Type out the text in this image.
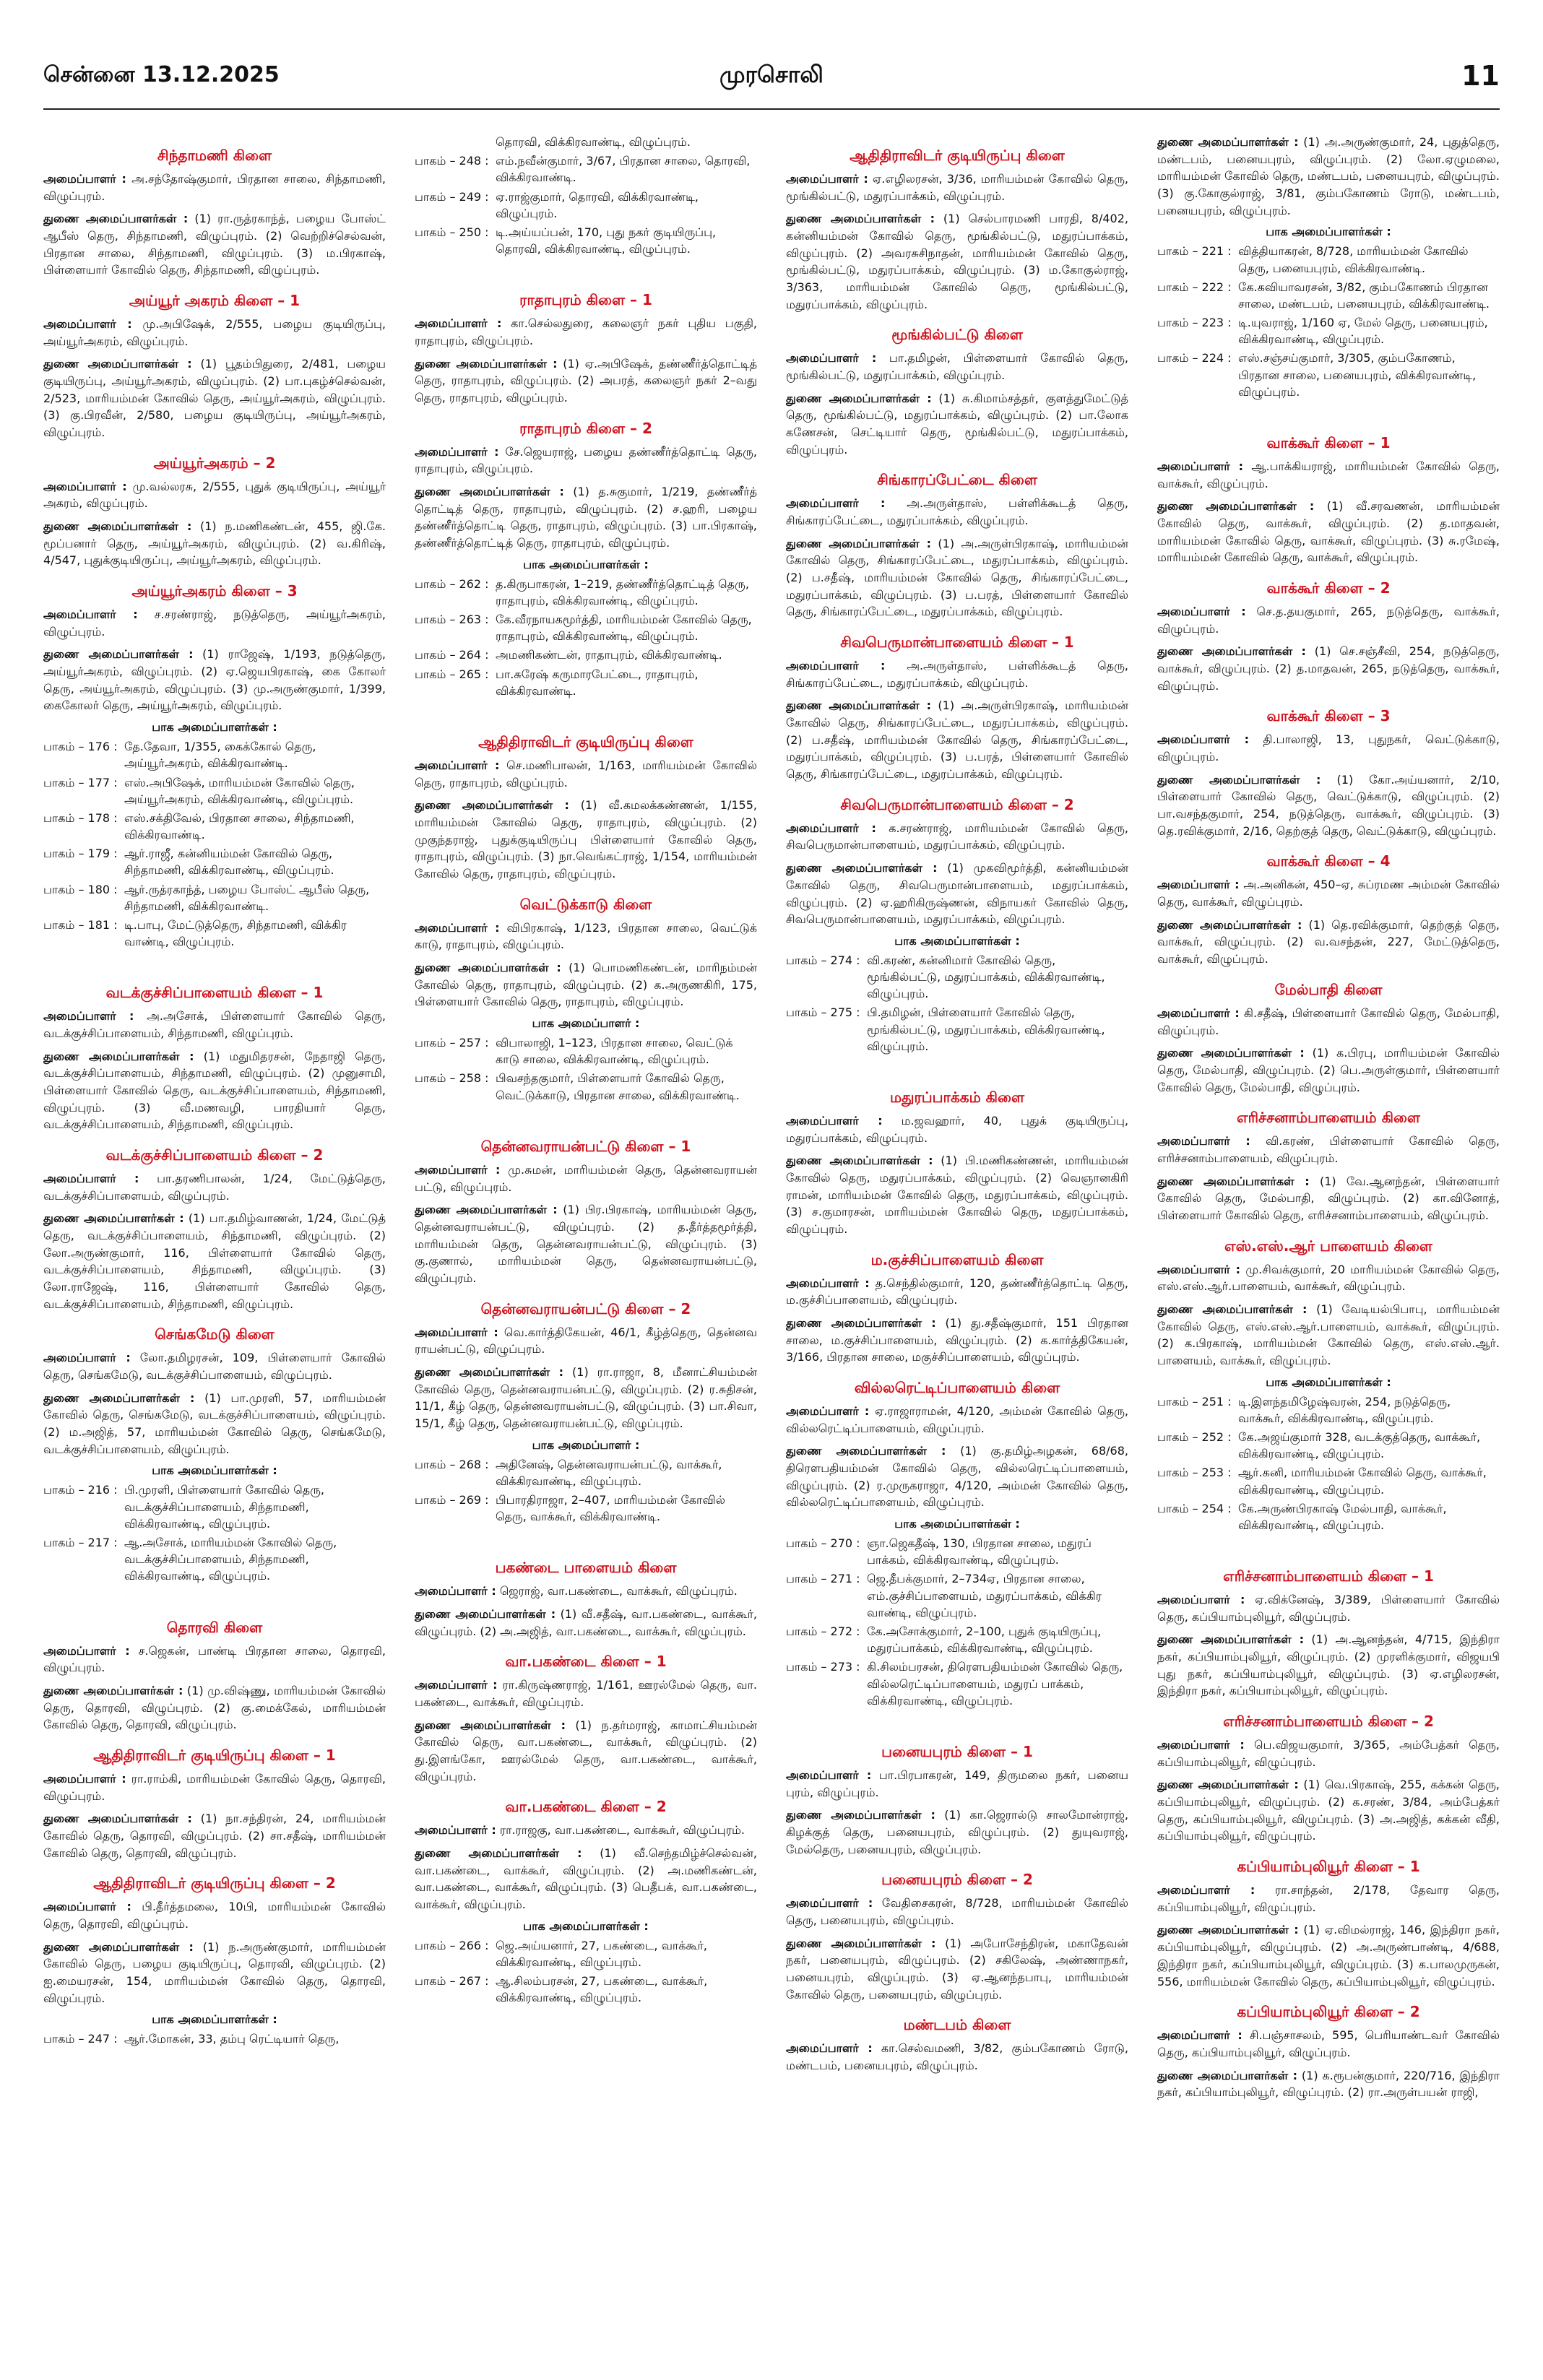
சென்னை 13.12.2025	முரசொலி	11
சிந்தாமணி கிளை
அமைப்பாளர் : அ.சந்தோஷ்குமார், பிரதான சாலை, சிந்தாமணி, விழுப்புரம்.
துணை அமைப்பாளர்கள் : (1) ரா.ருத்ரகாந்த், பழைய போஸ்ட் ஆபீஸ் தெரு, சிந்தாமணி, விழுப்புரம். (2) வெற்றிச்செல்வன், பிரதான சாலை, சிந்தாமணி, விழுப்புரம். (3) ம.பிரகாஷ், பிள்ளையார் கோவில் தெரு, சிந்தாமணி, விழுப்புரம்.
அய்யூர் அகரம் கிளை – 1
அமைப்பாளர் : மு.அபிஷேக், 2/555, பழைய குடியிருப்பு, அய்யூர்அகரம், விழுப்புரம்.
துணை அமைப்பாளர்கள் : (1) பூதம்பிதுரை, 2/481, பழைய குடியிருப்பு, அய்யூர்அகரம், விழுப்புரம். (2) பா.புகழ்ச்செல்வன், 2/523, மாரியம்மன் கோவில் தெரு, அய்யூர்அகரம், விழுப்புரம். (3) கு.பிரவீன், 2/580, பழைய குடியிருப்பு, அய்யூர்அகரம், விழுப்புரம்.
அய்யூர்அகரம் – 2
அமைப்பாளர் : மு.வல்லரசு, 2/555, புதுக் குடியிருப்பு, அய்யூர் அகரம், விழுப்புரம்.
துணை அமைப்பாளர்கள் : (1) ந.மணிகண்டன், 455, ஜி.கே. மூப்பனார் தெரு, அய்யூர்அகரம், விழுப்புரம். (2) வ.கிரிஷ், 4/547, புதுக்குடியிருப்பு, அய்யூர்அகரம், விழுப்புரம்.
அய்யூர்அகரம் கிளை – 3
அமைப்பாளர் : ச.சரண்ராஜ், நடுத்தெரு, அய்யூர்அகரம், விழுப்புரம்.
துணை அமைப்பாளர்கள் : (1) ராஜேஷ், 1/193, நடுத்தெரு, அய்யூர்அகரம், விழுப்புரம். (2) ஏ.ஜெயபிரகாஷ், கை கோலர் தெரு, அய்யூர்அகரம், விழுப்புரம். (3) மு.அருண்குமார், 1/399, கைகோலர் தெரு, அய்யூர்அகரம், விழுப்புரம்.
பாக அமைப்பாளர்கள் :
பாகம் – 176 : தே.தேவா, 1/355, கைக்கோல் தெரு, அய்யூர்அகரம், விக்கிரவாண்டி.
பாகம் – 177 : எஸ்.அபிஷேக், மாரியம்மன் கோவில் தெரு, அய்யூர்அகரம், விக்கிரவாண்டி, விழுப்புரம்.
பாகம் – 178 : எஸ்.சக்திவேல், பிரதான சாலை, சிந்தாமணி, விக்கிரவாண்டி.
பாகம் – 179 : ஆர்.ராஜீ, கன்னியம்மன் கோவில் தெரு, சிந்தாமணி, விக்கிரவாண்டி, விழுப்புரம்.
பாகம் – 180 : ஆர்.ருத்ரகாந்த், பழைய போஸ்ட் ஆபீஸ் தெரு, சிந்தாமணி, விக்கிரவாண்டி.
பாகம் – 181 : டி.பாபு, மேட்டுத்தெரு, சிந்தாமணி, விக்கிர வாண்டி, விழுப்புரம்.
வடக்குச்சிப்பாளையம் கிளை – 1
அமைப்பாளர் : அ.அசோக், பிள்ளையார் கோவில் தெரு, வடக்குச்சிப்பாளையம், சிந்தாமணி, விழுப்புரம்.
துணை அமைப்பாளர்கள் : (1) மதுமிதரசன், நேதாஜி தெரு, வடக்குச்சிப்பாளையம், சிந்தாமணி, விழுப்புரம். (2) முனுசாமி, பிள்ளையார் கோவில் தெரு, வடக்குச்சிப்பாளையம், சிந்தாமணி, விழுப்புரம். (3) வீ.மணவழி, பாரதியார் தெரு, வடக்குச்சிப்பாளையம், சிந்தாமணி, விழுப்புரம்.
வடக்குச்சிப்பாளையம் கிளை – 2
அமைப்பாளர் : பா.தரணிபாலன், 1/24, மேட்டுத்தெரு, வடக்குச்சிப்பாளையம், விழுப்புரம்.
துணை அமைப்பாளர்கள் : (1) பா.தமிழ்வாணன், 1/24, மேட்டுத் தெரு, வடக்குச்சிப்பாளையம், சிந்தாமணி, விழுப்புரம். (2) லோ.அருண்குமார், 116, பிள்ளையார் கோவில் தெரு, வடக்குச்சிப்பாளையம், சிந்தாமணி, விழுப்புரம். (3) லோ.ராஜேஷ், 116, பிள்ளையார் கோவில் தெரு, வடக்குச்சிப்பாளையம், சிந்தாமணி, விழுப்புரம்.
செங்கமேடு கிளை
அமைப்பாளர் : லோ.தமிழரசன், 109, பிள்ளையார் கோவில் தெரு, செங்கமேடு, வடக்குச்சிப்பாளையம், விழுப்புரம்.
துணை அமைப்பாளர்கள் : (1) பா.முரளி, 57, மாரியம்மன் கோவில் தெரு, செங்கமேடு, வடக்குச்சிப்பாளையம், விழுப்புரம். (2) ம.அஜித், 57, மாரியம்மன் கோவில் தெரு, செங்கமேடு, வடக்குச்சிப்பாளையம், விழுப்புரம்.
பாக அமைப்பாளர்கள் :
பாகம் – 216 : பி.முரளி, பிள்ளையார் கோவில் தெரு, வடக்குச்சிப்பாளையம், சிந்தாமணி, விக்கிரவாண்டி, விழுப்புரம்.
பாகம் – 217 : ஆ.அசோக், மாரியம்மன் கோவில் தெரு, வடக்குச்சிப்பாளையம், சிந்தாமணி, விக்கிரவாண்டி, விழுப்புரம்.
தொரவி கிளை
அமைப்பாளர் : ச.ஜெகன், பாண்டி பிரதான சாலை, தொரவி, விழுப்புரம்.
துணை அமைப்பாளர்கள் : (1) மு.விஷ்ணு, மாரியம்மன் கோவில் தெரு, தொரவி, விழுப்புரம். (2) கு.மைக்கேல், மாரியம்மன் கோவில் தெரு, தொரவி, விழுப்புரம்.
ஆதிதிராவிடர் குடியிருப்பு கிளை – 1
அமைப்பாளர் : ரா.ராம்கி, மாரியம்மன் கோவில் தெரு, தொரவி, விழுப்புரம்.
துணை அமைப்பாளர்கள் : (1) நா.சந்திரன், 24, மாரியம்மன் கோவில் தெரு, தொரவி, விழுப்புரம். (2) சா.சதீஷ், மாரியம்மன் கோவில் தெரு, தொரவி, விழுப்புரம்.
ஆதிதிராவிடர் குடியிருப்பு கிளை – 2
அமைப்பாளர் : பி.தீர்த்தமலை, 10பி, மாரியம்மன் கோவில் தெரு, தொரவி, விழுப்புரம்.
துணை அமைப்பாளர்கள் : (1) ந.அருண்குமார், மாரியம்மன் கோவில் தெரு, பழைய குடியிருப்பு, தொரவி, விழுப்புரம். (2) ஐ.மையரசன், 154, மாரியம்மன் கோவில் தெரு, தொரவி, விழுப்புரம்.
பாக அமைப்பாளர்கள் :
பாகம் – 247 : ஆர்.மோகன், 33, தம்பு ரெட்டியார் தெரு,
தொரவி, விக்கிரவாண்டி, விழுப்புரம்.
பாகம் – 248 : எம்.நவீன்குமார், 3/67, பிரதான சாலை, தொரவி, விக்கிரவாண்டி.
பாகம் – 249 : ஏ.ராஜ்குமார், தொரவி, விக்கிரவாண்டி, விழுப்புரம்.
பாகம் – 250 : டி.அய்யப்பன், 170, புது நகர் குடியிருப்பு, தொரவி, விக்கிரவாண்டி, விழுப்புரம்.
ராதாபுரம் கிளை – 1
அமைப்பாளர் : கா.செல்லதுரை, கலைஞர் நகர் புதிய பகுதி, ராதாபுரம், விழுப்புரம்.
துணை அமைப்பாளர்கள் : (1) ஏ.அபிஷேக், தண்ணீர்த்தொட்டித் தெரு, ராதாபுரம், விழுப்புரம். (2) அபரத், கலைஞர் நகர் 2–வது தெரு, ராதாபுரம், விழுப்புரம்.
ராதாபுரம் கிளை – 2
அமைப்பாளர் : சே.ஜெயராஜ், பழைய தண்ணீர்த்தொட்டி தெரு, ராதாபுரம், விழுப்புரம்.
துணை அமைப்பாளர்கள் : (1) த.சுகுமார், 1/219, தண்ணீர்த் தொட்டித் தெரு, ராதாபுரம், விழுப்புரம். (2) ச.ஹரி, பழைய தண்ணீர்த்தொட்டி தெரு, ராதாபுரம், விழுப்புரம். (3) பா.பிரகாஷ், தண்ணீர்த்தொட்டித் தெரு, ராதாபுரம், விழுப்புரம்.
பாக அமைப்பாளர்கள் :
பாகம் – 262 : த.கிருபாகரன், 1–219, தண்ணீர்த்தொட்டித் தெரு, ராதாபுரம், விக்கிரவாண்டி, விழுப்புரம்.
பாகம் – 263 : கே.வீரநாயகமூர்த்தி, மாரியம்மன் கோவில் தெரு, ராதாபுரம், விக்கிரவாண்டி, விழுப்புரம்.
பாகம் – 264 : அமணிகண்டன், ராதாபுரம், விக்கிரவாண்டி.
பாகம் – 265 : பா.சுரேஷ் கருமாரபேட்டை, ராதாபுரம், விக்கிரவாண்டி.
ஆதிதிராவிடர் குடியிருப்பு கிளை
அமைப்பாளர் : செ.மணிபாலன், 1/163, மாரியம்மன் கோவில் தெரு, ராதாபுரம், விழுப்புரம்.
துணை அமைப்பாளர்கள் : (1) வீ.கமலக்கண்ணன், 1/155, மாரியம்மன் கோவில் தெரு, ராதாபுரம், விழுப்புரம். (2) முகுந்தராஜ், புதுக்குடியிருப்பு பிள்ளையார் கோவில் தெரு, ராதாபுரம், விழுப்புரம். (3) நா.வெங்கட்ராஜ், 1/154, மாரியம்மன் கோவில் தெரு, ராதாபுரம், விழுப்புரம்.
வெட்டுக்காடு கிளை
அமைப்பாளர் : விபிரகாஷ், 1/123, பிரதான சாலை, வெட்டுக் காடு, ராதாபுரம், விழுப்புரம்.
துணை அமைப்பாளர்கள் : (1) பொமணிகண்டன், மாரிநம்மன் கோவில் தெரு, ராதாபுரம், விழுப்புரம். (2) க.அருணகிரி, 175, பிள்ளையார் கோவில் தெரு, ராதாபுரம், விழுப்புரம்.
பாக அமைப்பாளர் :
பாகம் – 257 : விபாலாஜி, 1–123, பிரதான சாலை, வெட்டுக் காடு சாலை, விக்கிரவாண்டி, விழுப்புரம்.
பாகம் – 258 : பிவசந்தகுமார், பிள்ளையார் கோவில் தெரு, வெட்டுக்காடு, பிரதான சாலை, விக்கிரவாண்டி.
தென்னவராயன்பட்டு கிளை – 1
அமைப்பாளர் : மு.சுமன், மாரியம்மன் தெரு, தென்னவராயன் பட்டு, விழுப்புரம்.
துணை அமைப்பாளர்கள் : (1) பிர.பிரகாஷ், மாரியம்மன் தெரு, தென்னவராயன்பட்டு, விழுப்புரம். (2) த.தீர்த்தமூர்த்தி, மாரியம்மன் தெரு, தென்னவராயன்பட்டு, விழுப்புரம். (3) கு.குணால், மாரியம்மன் தெரு, தென்னவராயன்பட்டு, விழுப்புரம்.
தென்னவராயன்பட்டு கிளை – 2
அமைப்பாளர் : வெ.கார்த்திகேயன், 46/1, கீழ்த்தெரு, தென்னவ ராயன்பட்டு, விழுப்புரம்.
துணை அமைப்பாளர்கள் : (1) ரா.ராஜா, 8, மீனாட்சியம்மன் கோவில் தெரு, தென்னவராயன்பட்டு, விழுப்புரம். (2) ர.சுதிசன், 11/1, கீழ் தெரு, தென்னவராயன்பட்டு, விழுப்புரம். (3) பா.சிவா, 15/1, கீழ் தெரு, தென்னவராயன்பட்டு, விழுப்புரம்.
பாக அமைப்பாளர் :
பாகம் – 268 : அதினேஷ், தென்னவராயன்பட்டு, வாக்கூர், விக்கிரவாண்டி, விழுப்புரம்.
பாகம் – 269 : பிபாரதிராஜா, 2–407, மாரியம்மன் கோவில் தெரு, வாக்கூர், விக்கிரவாண்டி.
பகண்டை பாளையம் கிளை
அமைப்பாளர் : ஜெராஜ், வா.பகண்டை, வாக்கூர், விழுப்புரம்.
துணை அமைப்பாளர்கள் : (1) வீ.சதீஷ், வா.பகண்டை, வாக்கூர், விழுப்புரம். (2) அ.அஜித், வா.பகண்டை, வாக்கூர், விழுப்புரம்.
வா.பகண்டை கிளை – 1
அமைப்பாளர் : ரா.கிருஷ்ணராஜ், 1/161, ஊரல்மேல் தெரு, வா. பகண்டை, வாக்கூர், விழுப்புரம்.
துணை அமைப்பாளர்கள் : (1) ந.தர்மராஜ், காமாட்சியம்மன் கோவில் தெரு, வா.பகண்டை, வாக்கூர், விழுப்புரம். (2) து.இளங்கோ, ஊரல்மேல் தெரு, வா.பகண்டை, வாக்கூர், விழுப்புரம்.
வா.பகண்டை கிளை – 2
அமைப்பாளர் : ரா.ராஜகு, வா.பகண்டை, வாக்கூர், விழுப்புரம்.
துணை அமைப்பாளர்கள் : (1) வீ.செந்தமிழ்ச்செல்வன், வா.பகண்டை, வாக்கூர், விழுப்புரம். (2) அ.மணிகண்டன், வா.பகண்டை, வாக்கூர், விழுப்புரம். (3) பெதீபக், வா.பகண்டை, வாக்கூர், விழுப்புரம்.
பாக அமைப்பாளர்கள் :
பாகம் – 266 : ஜெ.அய்யனார், 27, பகண்டை, வாக்கூர், விக்கிரவாண்டி, விழுப்புரம்.
பாகம் – 267 : ஆ.சிலம்பரசன், 27, பகண்டை, வாக்கூர், விக்கிரவாண்டி, விழுப்புரம்.
ஆதிதிராவிடர் குடியிருப்பு கிளை
அமைப்பாளர் : ஏ.எழிலரசன், 3/36, மாரியம்மன் கோவில் தெரு, மூங்கில்பட்டு, மதுரப்பாக்கம், விழுப்புரம்.
துணை அமைப்பாளர்கள் : (1) செல்பாரமணி பாரதி, 8/402, கன்னியம்மன் கோவில் தெரு, மூங்கில்பட்டு, மதுரப்பாக்கம், விழுப்புரம். (2) அவரசுசிநாதன், மாரியம்மன் கோவில் தெரு, மூங்கில்பட்டு, மதுரப்பாக்கம், விழுப்புரம். (3) ம.கோகுல்ராஜ், 3/363, மாரியம்மன் கோவில் தெரு, மூங்கில்பட்டு, மதுரப்பாக்கம், விழுப்புரம்.
மூங்கில்பட்டு கிளை
அமைப்பாளர் : பா.தமிழன், பிள்ளையார் கோவில் தெரு, மூங்கில்பட்டு, மதுரப்பாக்கம், விழுப்புரம்.
துணை அமைப்பாளர்கள் : (1) சு.கிமாம்சத்தர், குளத்துமேட்டுத் தெரு, மூங்கில்பட்டு, மதுரப்பாக்கம், விழுப்புரம். (2) பா.லோக கணேசன், செட்டியார் தெரு, மூங்கில்பட்டு, மதுரப்பாக்கம், விழுப்புரம்.
சிங்காரப்பேட்டை கிளை
அமைப்பாளர் : அ.அருள்தாஸ், பள்ளிக்கூடத் தெரு, சிங்காரப்பேட்டை, மதுரப்பாக்கம், விழுப்புரம்.
துணை அமைப்பாளர்கள் : (1) அ.அருள்பிரகாஷ், மாரியம்மன் கோவில் தெரு, சிங்காரப்பேட்டை, மதுரப்பாக்கம், விழுப்புரம். (2) ப.சதீஷ், மாரியம்மன் கோவில் தெரு, சிங்காரப்பேட்டை, மதுரப்பாக்கம், விழுப்புரம். (3) ப.பரத், பிள்ளையார் கோவில் தெரு, சிங்காரப்பேட்டை, மதுரப்பாக்கம், விழுப்புரம்.
சிவபெருமான்பாளையம் கிளை – 1
அமைப்பாளர் : அ.அருள்தாஸ், பள்ளிக்கூடத் தெரு, சிங்காரப்பேட்டை, மதுரப்பாக்கம், விழுப்புரம்.
துணை அமைப்பாளர்கள் : (1) அ.அருள்பிரகாஷ், மாரியம்மன் கோவில் தெரு, சிங்காரப்பேட்டை, மதுரப்பாக்கம், விழுப்புரம். (2) ப.சதீஷ், மாரியம்மன் கோவில் தெரு, சிங்காரப்பேட்டை, மதுரப்பாக்கம், விழுப்புரம். (3) ப.பரத், பிள்ளையார் கோவில் தெரு, சிங்காரப்பேட்டை, மதுரப்பாக்கம், விழுப்புரம்.
சிவபெருமான்பாளையம் கிளை – 2
அமைப்பாளர் : க.சரண்ராஜ், மாரியம்மன் கோவில் தெரு, சிவபெருமான்பாளையம், மதுரப்பாக்கம், விழுப்புரம்.
துணை அமைப்பாளர்கள் : (1) முகவிமூர்த்தி, கன்னியம்மன் கோவில் தெரு, சிவபெருமான்பாளையம், மதுரப்பாக்கம், விழுப்புரம். (2) ஏ.ஹரிகிருஷ்ணன், விநாயகர் கோவில் தெரு, சிவபெருமான்பாளையம், மதுரப்பாக்கம், விழுப்புரம்.
பாக அமைப்பாளர்கள் :
பாகம் – 274 : வி.கரண், கன்னிமார் கோவில் தெரு, மூங்கில்பட்டு, மதுரப்பாக்கம், விக்கிரவாண்டி, விழுப்புரம்.
பாகம் – 275 : பி.தமிழன், பிள்ளையார் கோவில் தெரு, மூங்கில்பட்டு, மதுரப்பாக்கம், விக்கிரவாண்டி, விழுப்புரம்.
மதுரப்பாக்கம் கிளை
அமைப்பாளர் : ம.ஜவஹார், 40, புதுக் குடியிருப்பு, மதுரப்பாக்கம், விழுப்புரம்.
துணை அமைப்பாளர்கள் : (1) பி.மணிகண்ணன், மாரியம்மன் கோவில் தெரு, மதுரப்பாக்கம், விழுப்புரம். (2) வெஞானகிரி ராமன், மாரியம்மன் கோவில் தெரு, மதுரப்பாக்கம், விழுப்புரம். (3) ச.குமாரசன், மாரியம்மன் கோவில் தெரு, மதுரப்பாக்கம், விழுப்புரம்.
ம.குச்சிப்பாளையம் கிளை
அமைப்பாளர் : த.செந்தில்குமார், 120, தண்ணீர்த்தொட்டி தெரு, ம.குச்சிப்பாளையம், விழுப்புரம்.
துணை அமைப்பாளர்கள் : (1) து.சதீஷ்குமார், 151 பிரதான சாலை, ம.குச்சிப்பாளையம், விழுப்புரம். (2) க.கார்த்திகேயன், 3/166, பிரதான சாலை, மகுச்சிப்பாளையம், விழுப்புரம்.
வில்லரெட்டிப்பாளையம் கிளை
அமைப்பாளர் : ஏ.ராஜாராமன், 4/120, அம்மன் கோவில் தெரு, வில்லரெட்டிப்பாளையம், விழுப்புரம்.
துணை அமைப்பாளர்கள் : (1) கு.தமிழ்அழகன், 68/68, திரௌபதியம்மன் கோவில் தெரு, வில்லரெட்டிப்பாளையம், விழுப்புரம். (2) ர.முருகராஜா, 4/120, அம்மன் கோவில் தெரு, வில்லரெட்டிப்பாளையம், விழுப்புரம்.
பாக அமைப்பாளர்கள் :
பாகம் – 270 : ஞா.ஜெகதீஷ், 130, பிரதான சாலை, மதுரப் பாக்கம், விக்கிரவாண்டி, விழுப்புரம்.
பாகம் – 271 : ஜெ.தீபக்குமார், 2–734ஏ, பிரதான சாலை, எம்.குச்சிப்பாளையம், மதுரப்பாக்கம், விக்கிர வாண்டி, விழுப்புரம்.
பாகம் – 272 : கே.அசோக்குமார், 2–100, புதுக் குடியிருப்பு, மதுரப்பாக்கம், விக்கிரவாண்டி, விழுப்புரம்.
பாகம் – 273 : கி.சிலம்பரசன், திரௌபதியம்மன் கோவில் தெரு, வில்லரெட்டிப்பாளையம், மதுரப் பாக்கம், விக்கிரவாண்டி, விழுப்புரம்.
பனையபுரம் கிளை – 1
அமைப்பாளர் : பா.பிரபாகரன், 149, திருமலை நகர், பனைய புரம், விழுப்புரம்.
துணை அமைப்பாளர்கள் : (1) கா.ஜெரால்டு சாலமோன்ராஜ், கிழக்குத் தெரு, பனையபுரம், விழுப்புரம். (2) துயுவராஜ், மேல்தெரு, பனையபுரம், விழுப்புரம்.
பனையபுரம் கிளை – 2
அமைப்பாளர் : வேதிசைகரன், 8/728, மாரியம்மன் கோவில் தெரு, பனையபுரம், விழுப்புரம்.
துணை அமைப்பாளர்கள் : (1) அபோசேந்திரன், மகாதேவன் நகர், பனையபுரம், விழுப்புரம். (2) சகிலேஷ், அண்ணாநகர், பனையபுரம், விழுப்புரம். (3) ஏ.ஆனந்தபாபு, மாரியம்மன் கோவில் தெரு, பனையபுரம், விழுப்புரம்.
மண்டபம் கிளை
அமைப்பாளர் : கா.செல்வமணி, 3/82, கும்பகோணம் ரோடு, மண்டபம், பனையபுரம், விழுப்புரம்.
துணை அமைப்பாளர்கள் : (1) அ.அருண்குமார், 24, புதுத்தெரு, மண்டபம், பனையபுரம், விழுப்புரம். (2) லோ.ஏழுமலை, மாரியம்மன் கோவில் தெரு, மண்டபம், பனையபுரம், விழுப்புரம். (3) கு.கோகுல்ராஜ், 3/81, கும்பகோணம் ரோடு, மண்டபம், பனையபுரம், விழுப்புரம்.
பாக அமைப்பாளர்கள் :
பாகம் – 221 : வித்தியாகரன், 8/728, மாரியம்மன் கோவில் தெரு, பனையபுரம், விக்கிரவாண்டி.
பாகம் – 222 : கே.கவியாவரசன், 3/82, கும்பகோணம் பிரதான சாலை, மண்டபம், பனையபுரம், விக்கிரவாண்டி.
பாகம் – 223 : டி.யுவராஜ், 1/160 ஏ, மேல் தெரு, பனையபுரம், விக்கிரவாண்டி, விழுப்புரம்.
பாகம் – 224 : எஸ்.சஞ்சய்குமார், 3/305, கும்பகோணம், பிரதான சாலை, பனையபுரம், விக்கிரவாண்டி, விழுப்புரம்.
வாக்கூர் கிளை – 1
அமைப்பாளர் : ஆ.பாக்கியராஜ், மாரியம்மன் கோவில் தெரு, வாக்கூர், விழுப்புரம்.
துணை அமைப்பாளர்கள் : (1) வீ.சரவணன், மாரியம்மன் கோவில் தெரு, வாக்கூர், விழுப்புரம். (2) த.மாதவன், மாரியம்மன் கோவில் தெரு, வாக்கூர், விழுப்புரம். (3) சு.ரமேஷ், மாரியம்மன் கோவில் தெரு, வாக்கூர், விழுப்புரம்.
வாக்கூர் கிளை – 2
அமைப்பாளர் : செ.த.தயகுமார், 265, நடுத்தெரு, வாக்கூர், விழுப்புரம்.
துணை அமைப்பாளர்கள் : (1) செ.சஞ்சீவி, 254, நடுத்தெரு, வாக்கூர், விழுப்புரம். (2) த.மாதவன், 265, நடுத்தெரு, வாக்கூர், விழுப்புரம்.
வாக்கூர் கிளை – 3
அமைப்பாளர் : தி.பாலாஜி, 13, புதுநகர், வெட்டுக்காடு, விழுப்புரம்.
துணை அமைப்பாளர்கள் : (1) கோ.அய்யனார், 2/10, பிள்ளையார் கோவில் தெரு, வெட்டுக்காடு, விழுப்புரம். (2) பா.வசந்தகுமார், 254, நடுத்தெரு, வாக்கூர், விழுப்புரம். (3) தெ.ரவிக்குமார், 2/16, தெற்குத் தெரு, வெட்டுக்காடு, விழுப்புரம்.
வாக்கூர் கிளை – 4
அமைப்பாளர் : அ.அனிகன், 450–ஏ, சுப்ரமண அம்மன் கோவில் தெரு, வாக்கூர், விழுப்புரம்.
துணை அமைப்பாளர்கள் : (1) தெ.ரவிக்குமார், தெற்குத் தெரு, வாக்கூர், விழுப்புரம். (2) வ.வசந்தன், 227, மேட்டுத்தெரு, வாக்கூர், விழுப்புரம்.
மேல்பாதி கிளை
அமைப்பாளர் : கி.சதீஷ், பிள்ளையார் கோவில் தெரு, மேல்பாதி, விழுப்புரம்.
துணை அமைப்பாளர்கள் : (1) க.பிரபு, மாரியம்மன் கோவில் தெரு, மேல்பாதி, விழுப்புரம். (2) பெ.அருள்குமார், பிள்ளையார் கோவில் தெரு, மேல்பாதி, விழுப்புரம்.
எரிச்சனாம்பாளையம் கிளை
அமைப்பாளர் : வி.கரண், பிள்ளையார் கோவில் தெரு, எரிச்சனாம்பாளையம், விழுப்புரம்.
துணை அமைப்பாளர்கள் : (1) வே.ஆனந்தன், பிள்ளையார் கோவில் தெரு, மேல்பாதி, விழுப்புரம். (2) கா.வினோத், பிள்ளையார் கோவில் தெரு, எரிச்சனாம்பாளையம், விழுப்புரம்.
எஸ்.எஸ்.ஆர் பாளையம் கிளை
அமைப்பாளர் : மு.சிவக்குமார், 20 மாரியம்மன் கோவில் தெரு, எஸ்.எஸ்.ஆர்.பாளையம், வாக்கூர், விழுப்புரம்.
துணை அமைப்பாளர்கள் : (1) வேடியல்பிபாபு, மாரியம்மன் கோவில் தெரு, எஸ்.எஸ்.ஆர்.பாளையம், வாக்கூர், விழுப்புரம். (2) க.பிரகாஷ், மாரியம்மன் கோவில் தெரு, எஸ்.எஸ்.ஆர். பாளையம், வாக்கூர், விழுப்புரம்.
பாக அமைப்பாளர்கள் :
பாகம் – 251 : டி.இளந்தமிழேஷ்வரன், 254, நடுத்தெரு, வாக்கூர், விக்கிரவாண்டி, விழுப்புரம்.
பாகம் – 252 : கே.அஜய்குமார் 328, வடக்குத்தெரு, வாக்கூர், விக்கிரவாண்டி, விழுப்புரம்.
பாகம் – 253 : ஆர்.கனி, மாரியம்மன் கோவில் தெரு, வாக்கூர், விக்கிரவாண்டி, விழுப்புரம்.
பாகம் – 254 : கே.அருண்பிரகாஷ் மேல்பாதி, வாக்கூர், விக்கிரவாண்டி, விழுப்புரம்.
எரிச்சனாம்பாளையம் கிளை – 1
அமைப்பாளர் : ஏ.விக்னேஷ், 3/389, பிள்ளையார் கோவில் தெரு, கப்பியாம்புலியூர், விழுப்புரம்.
துணை அமைப்பாளர்கள் : (1) அ.ஆனந்தன், 4/715, இந்திரா நகர், கப்பியாம்புலியூர், விழுப்புரம். (2) முரளிக்குமார், விஜயபி புது நகர், கப்பியாம்புலியூர், விழுப்புரம். (3) ஏ.எழிலரசன், இந்திரா நகர், கப்பியாம்புலியூர், விழுப்புரம்.
எரிச்சனாம்பாளையம் கிளை – 2
அமைப்பாளர் : பெ.விஜயகுமார், 3/365, அம்பேத்கர் தெரு, கப்பியாம்புலியூர், விழுப்புரம்.
துணை அமைப்பாளர்கள் : (1) வெ.பிரகாஷ், 255, கக்கன் தெரு, கப்பியாம்புலியூர், விழுப்புரம். (2) க.சரண், 3/84, அம்பேத்கர் தெரு, கப்பியாம்புலியூர், விழுப்புரம். (3) அ.அஜித், கக்கன் வீதி, கப்பியாம்புலியூர், விழுப்புரம்.
கப்பியாம்புலியூர் கிளை – 1
அமைப்பாளர் : ரா.சாந்தன், 2/178, தேவார தெரு, கப்பியாம்புலியூர், விழுப்புரம்.
துணை அமைப்பாளர்கள் : (1) ஏ.விமல்ராஜ், 146, இந்திரா நகர், கப்பியாம்புலியூர், விழுப்புரம். (2) அ.அருண்பாண்டி, 4/688, இந்திரா நகர், கப்பியாம்புலியூர், விழுப்புரம். (3) க.பாலமுருகன், 556, மாரியம்மன் கோவில் தெரு, கப்பியாம்புலியூர், விழுப்புரம்.
கப்பியாம்புலியூர் கிளை – 2
அமைப்பாளர் : சி.பஞ்சாசலம், 595, பெரியாண்டவர் கோவில் தெரு, கப்பியாம்புலியூர், விழுப்புரம்.
துணை அமைப்பாளர்கள் : (1) க.ரூபன்குமார், 220/716, இந்திரா நகர், கப்பியாம்புலியூர், விழுப்புரம். (2) ரா.அருள்பயன் ராஜி,
